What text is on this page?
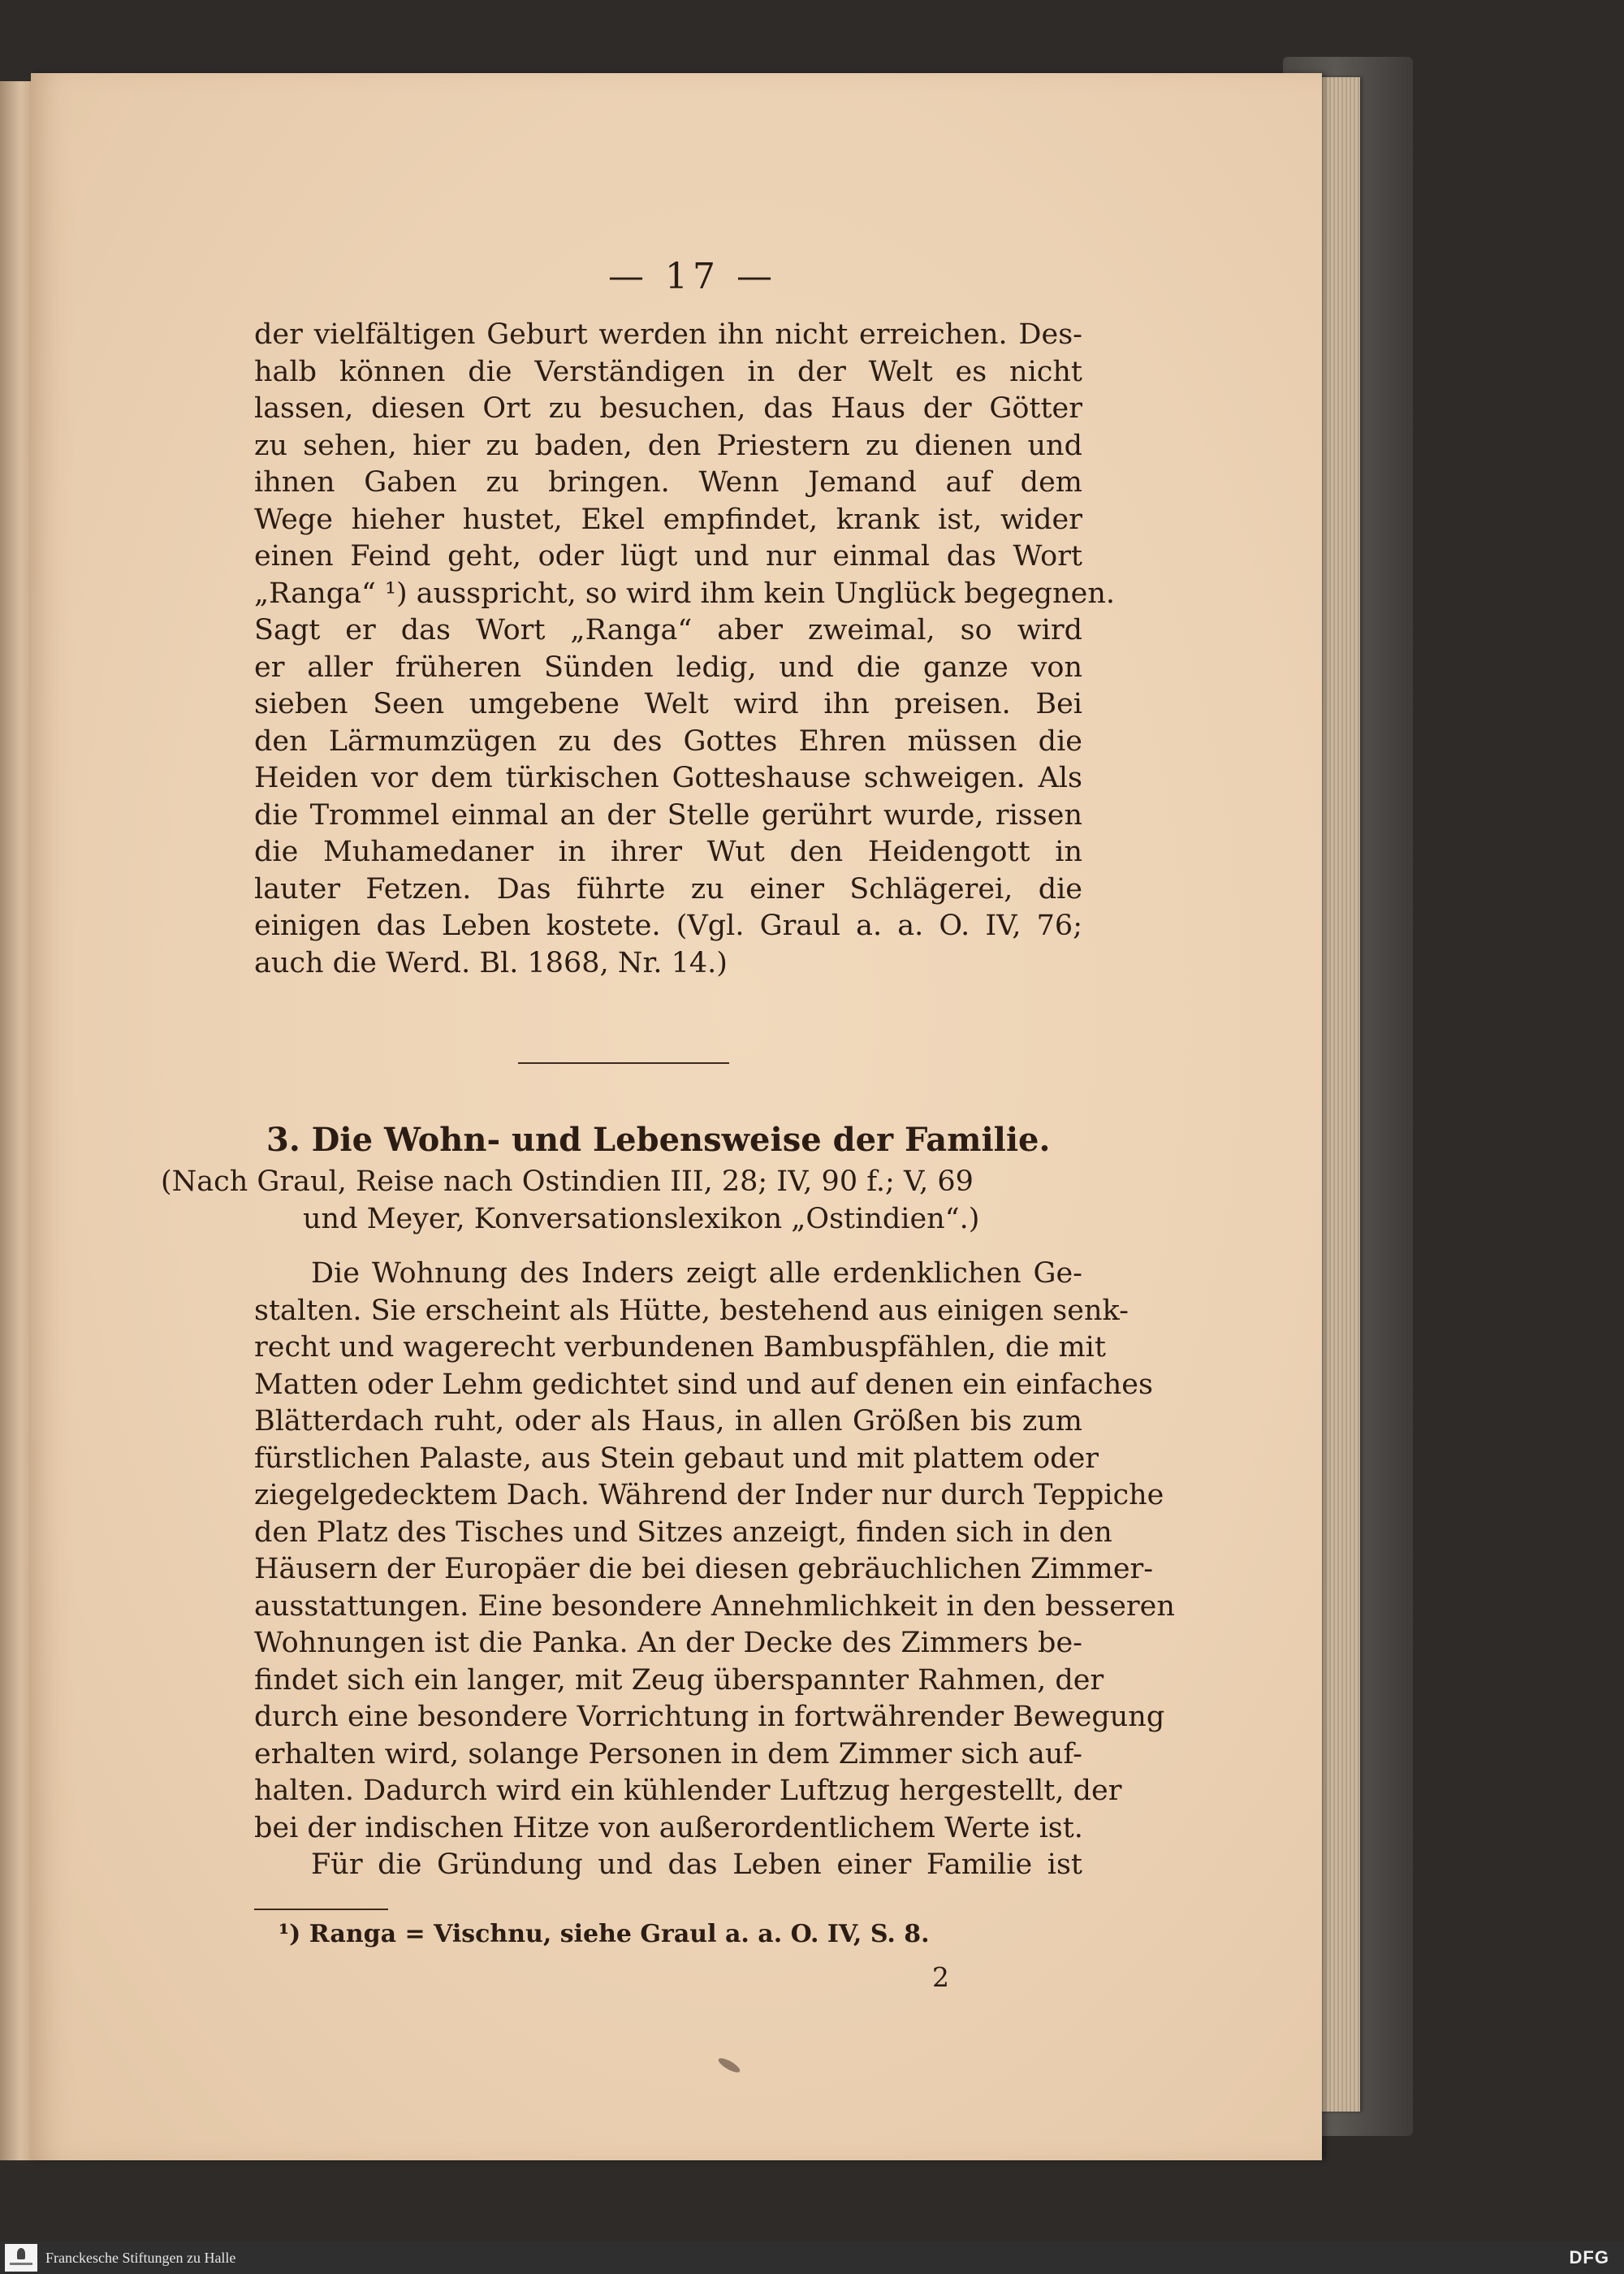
— 17 —
der vielfältigen Geburt werden ihn nicht erreichen. Des-
halb können die Verständigen in der Welt es nicht
lassen, diesen Ort zu besuchen, das Haus der Götter
zu sehen, hier zu baden, den Priestern zu dienen und
ihnen Gaben zu bringen. Wenn Jemand auf dem
Wege hieher hustet, Ekel empfindet, krank ist, wider
einen Feind geht, oder lügt und nur einmal das Wort
„Ranga“ ¹) ausspricht, so wird ihm kein Unglück begegnen.
Sagt er das Wort „Ranga“ aber zweimal, so wird
er aller früheren Sünden ledig, und die ganze von
sieben Seen umgebene Welt wird ihn preisen. Bei
den Lärmumzügen zu des Gottes Ehren müssen die
Heiden vor dem türkischen Gotteshause schweigen. Als
die Trommel einmal an der Stelle gerührt wurde, rissen
die Muhamedaner in ihrer Wut den Heidengott in
lauter Fetzen. Das führte zu einer Schlägerei, die
einigen das Leben kostete. (Vgl. Graul a. a. O. IV, 76;
auch die Werd. Bl. 1868, Nr. 14.)
3. Die Wohn- und Lebensweise der Familie.
(Nach Graul, Reise nach Ostindien III, 28; IV, 90 f.; V, 69
und Meyer, Konversationslexikon „Ostindien“.)
Die Wohnung des Inders zeigt alle erdenklichen Ge-
stalten. Sie erscheint als Hütte, bestehend aus einigen senk-
recht und wagerecht verbundenen Bambuspfählen, die mit
Matten oder Lehm gedichtet sind und auf denen ein einfaches
Blätterdach ruht, oder als Haus, in allen Größen bis zum
fürstlichen Palaste, aus Stein gebaut und mit plattem oder
ziegelgedecktem Dach. Während der Inder nur durch Teppiche
den Platz des Tisches und Sitzes anzeigt, finden sich in den
Häusern der Europäer die bei diesen gebräuchlichen Zimmer-
ausstattungen. Eine besondere Annehmlichkeit in den besseren
Wohnungen ist die Panka. An der Decke des Zimmers be-
findet sich ein langer, mit Zeug überspannter Rahmen, der
durch eine besondere Vorrichtung in fortwährender Bewegung
erhalten wird, solange Personen in dem Zimmer sich auf-
halten. Dadurch wird ein kühlender Luftzug hergestellt, der
bei der indischen Hitze von außerordentlichem Werte ist.
Für die Gründung und das Leben einer Familie ist
¹) Ranga = Vischnu, siehe Graul a. a. O. IV, S. 8.
2
Franckesche Stiftungen zu Halle	DFG
